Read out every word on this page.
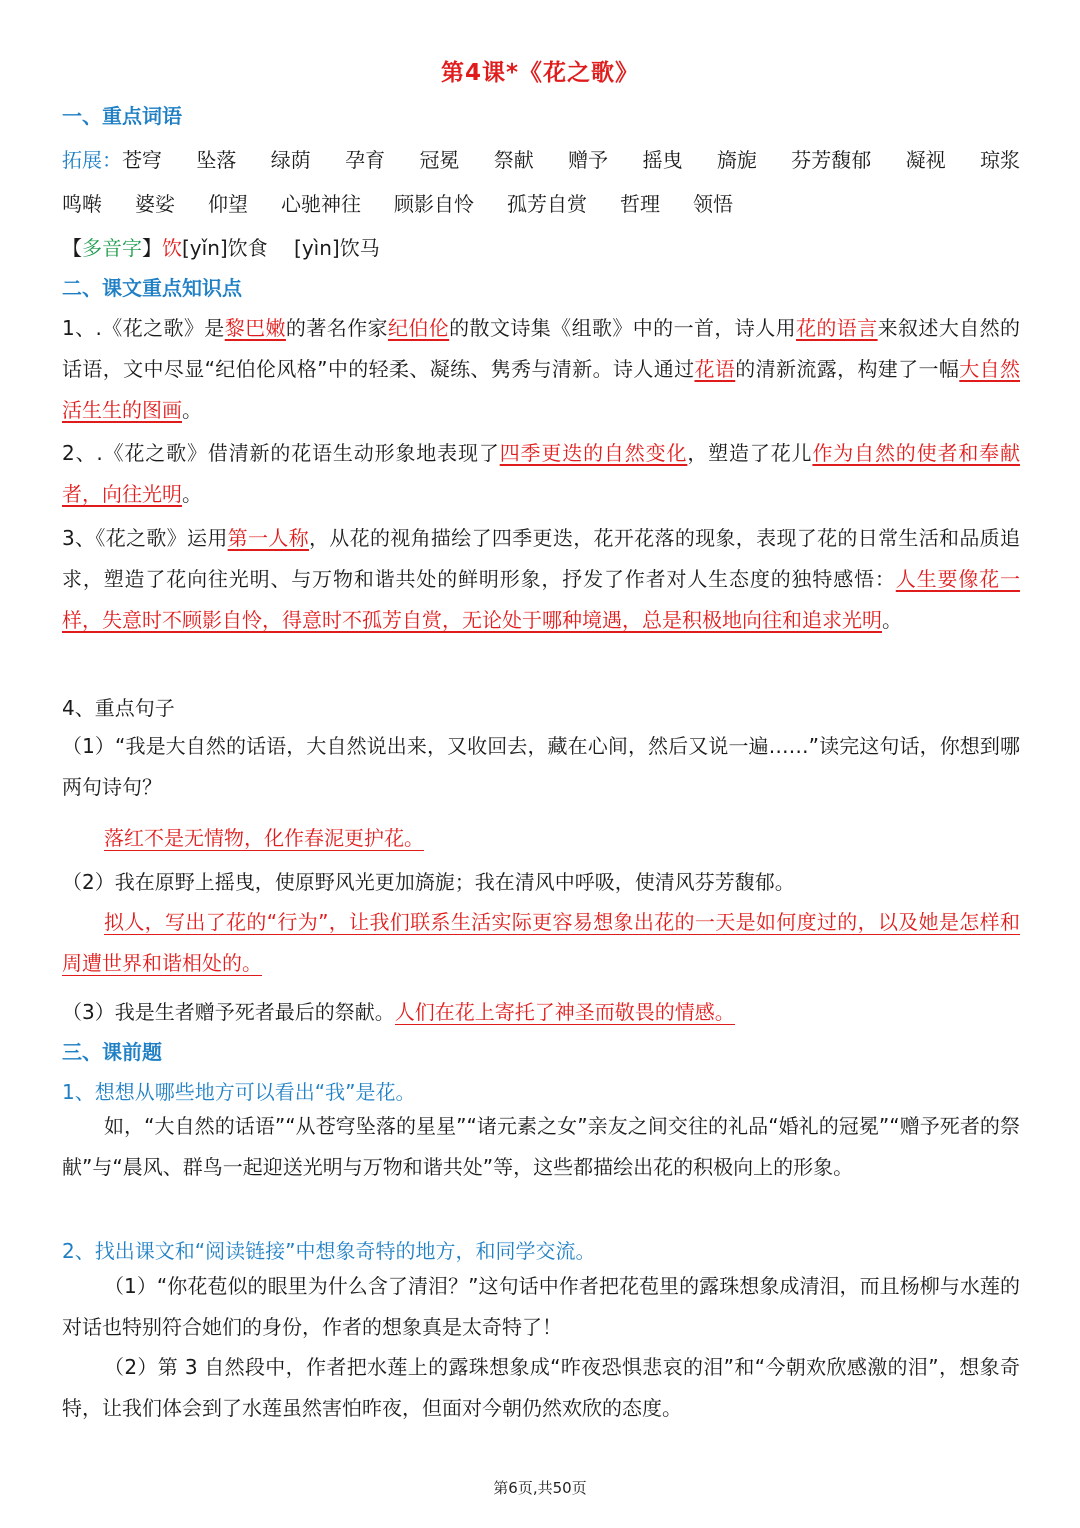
第4课*《花之歌》
一、重点词语
拓展：苍穹 坠落 绿荫 孕育 冠冕 祭献 赠予 摇曳 旖旎 芬芳馥郁 凝视 琼浆
鸣啭 婆娑 仰望 心驰神往 顾影自怜 孤芳自赏 哲理 领悟
【多音字】饮[yǐn]饮食　 [yìn]饮马
二、课文重点知识点
1、.《花之歌》是黎巴嫩的著名作家纪伯伦的散文诗集《组歌》中的一首，诗人用花的语言来叙述大自然的话语，文中尽显“纪伯伦风格”中的轻柔、凝练、隽秀与清新。诗人通过花语的清新流露，构建了一幅大自然活生生的图画。
2、.《花之歌》借清新的花语生动形象地表现了四季更迭的自然变化，塑造了花儿作为自然的使者和奉献者，向往光明。
3、《花之歌》运用第一人称，从花的视角描绘了四季更迭，花开花落的现象，表现了花的日常生活和品质追求，塑造了花向往光明、与万物和谐共处的鲜明形象，抒发了作者对人生态度的独特感悟：人生要像花一样，失意时不顾影自怜，得意时不孤芳自赏，无论处于哪种境遇，总是积极地向往和追求光明。
4、重点句子
（1）“我是大自然的话语，大自然说出来，又收回去，藏在心间，然后又说一遍……”读完这句话，你想到哪两句诗句？
落红不是无情物，化作春泥更护花。
（2）我在原野上摇曳，使原野风光更加旖旎；我在清风中呼吸，使清风芬芳馥郁。
拟人，写出了花的“行为”，让我们联系生活实际更容易想象出花的一天是如何度过的，以及她是怎样和周遭世界和谐相处的。
（3）我是生者赠予死者最后的祭献。人们在花上寄托了神圣而敬畏的情感。
三、课前题
1、想想从哪些地方可以看出“我”是花。
如，“大自然的话语”“从苍穹坠落的星星”“诸元素之女”亲友之间交往的礼品“婚礼的冠冕”“赠予死者的祭献”与“晨风、群鸟一起迎送光明与万物和谐共处”等，这些都描绘出花的积极向上的形象。
2、找出课文和“阅读链接”中想象奇特的地方，和同学交流。
（1）“你花苞似的眼里为什么含了清泪？”这句话中作者把花苞里的露珠想象成清泪，而且杨柳与水莲的对话也特别符合她们的身份，作者的想象真是太奇特了！
（2）第 3 自然段中，作者把水莲上的露珠想象成“昨夜恐惧悲哀的泪”和“今朝欢欣感激的泪”，想象奇特，让我们体会到了水莲虽然害怕昨夜，但面对今朝仍然欢欣的态度。
第6页,共50页
